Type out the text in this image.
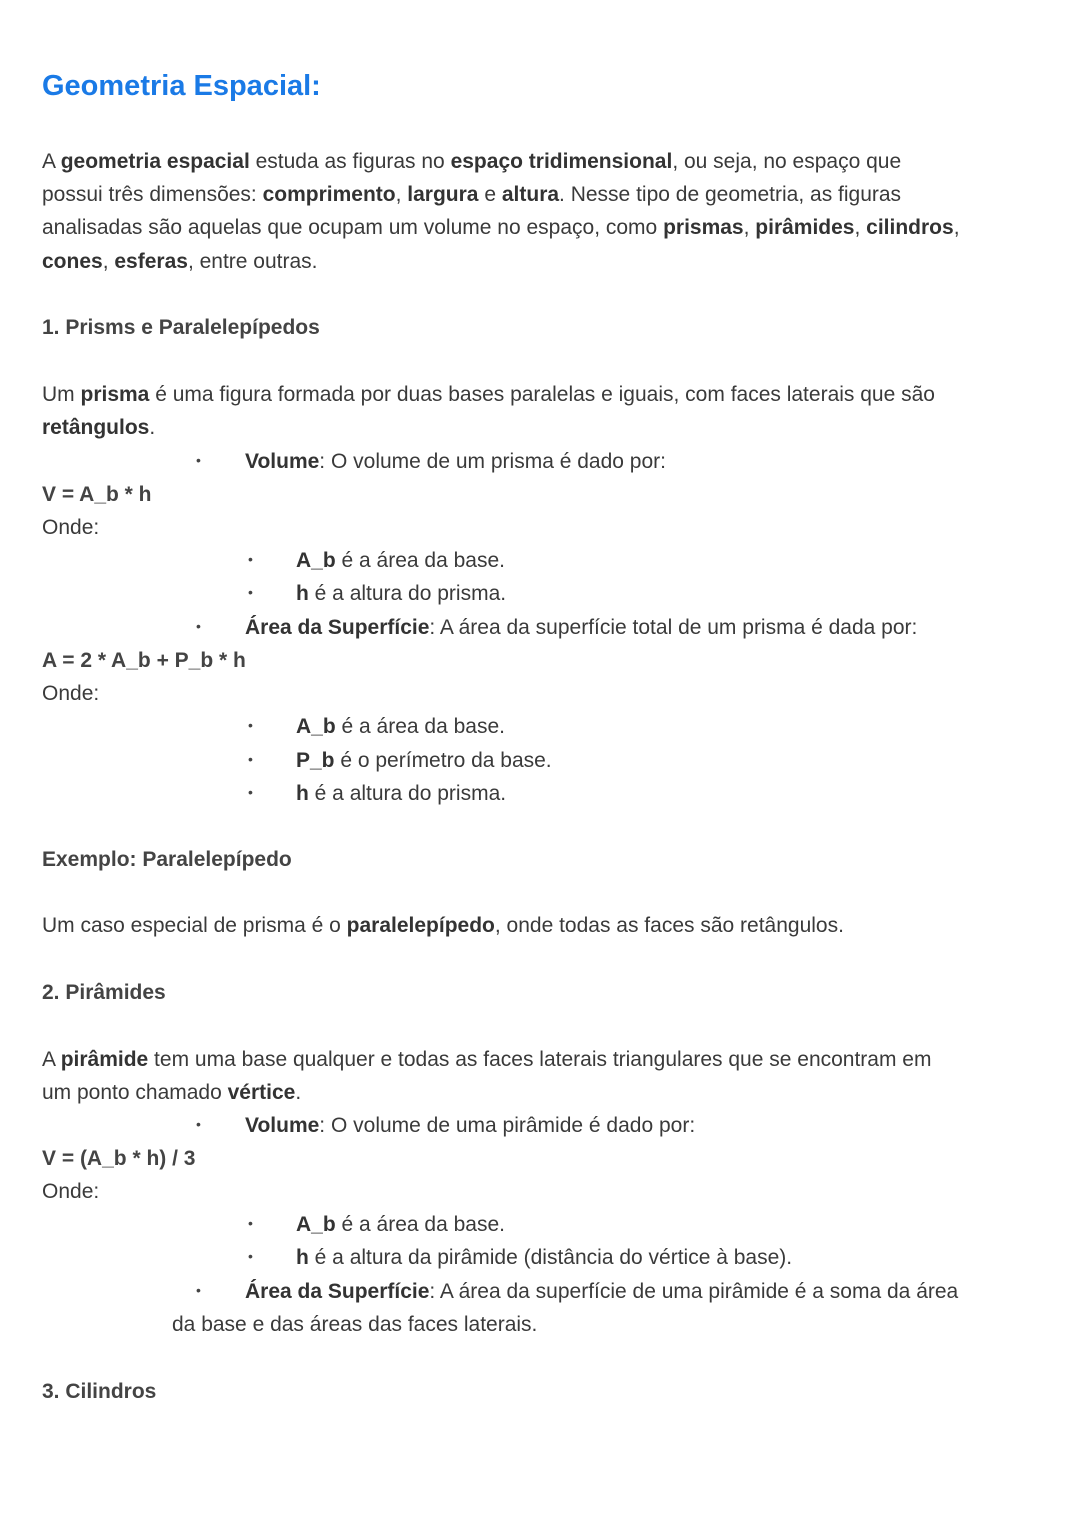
Geometria Espacial:
A geometria espacial estuda as figuras no espaço tridimensional, ou seja, no espaço que
possui três dimensões: comprimento, largura e altura. Nesse tipo de geometria, as figuras
analisadas são aquelas que ocupam um volume no espaço, como prismas, pirâmides, cilindros,
cones, esferas, entre outras.
1. Prisms e Paralelepípedos
Um prisma é uma figura formada por duas bases paralelas e iguais, com faces laterais que são
retângulos.
• Volume: O volume de um prisma é dado por:
V = A_b * h
Onde:
• A_b é a área da base.
• h é a altura do prisma.
• Área da Superfície: A área da superfície total de um prisma é dada por:
A = 2 * A_b + P_b * h
Onde:
• A_b é a área da base.
• P_b é o perímetro da base.
• h é a altura do prisma.
Exemplo: Paralelepípedo
Um caso especial de prisma é o paralelepípedo, onde todas as faces são retângulos.
2. Pirâmides
A pirâmide tem uma base qualquer e todas as faces laterais triangulares que se encontram em
um ponto chamado vértice.
• Volume: O volume de uma pirâmide é dado por:
V = (A_b * h) / 3
Onde:
• A_b é a área da base.
• h é a altura da pirâmide (distância do vértice à base).
• Área da Superfície: A área da superfície de uma pirâmide é a soma da área
da base e das áreas das faces laterais.
3. Cilindros
